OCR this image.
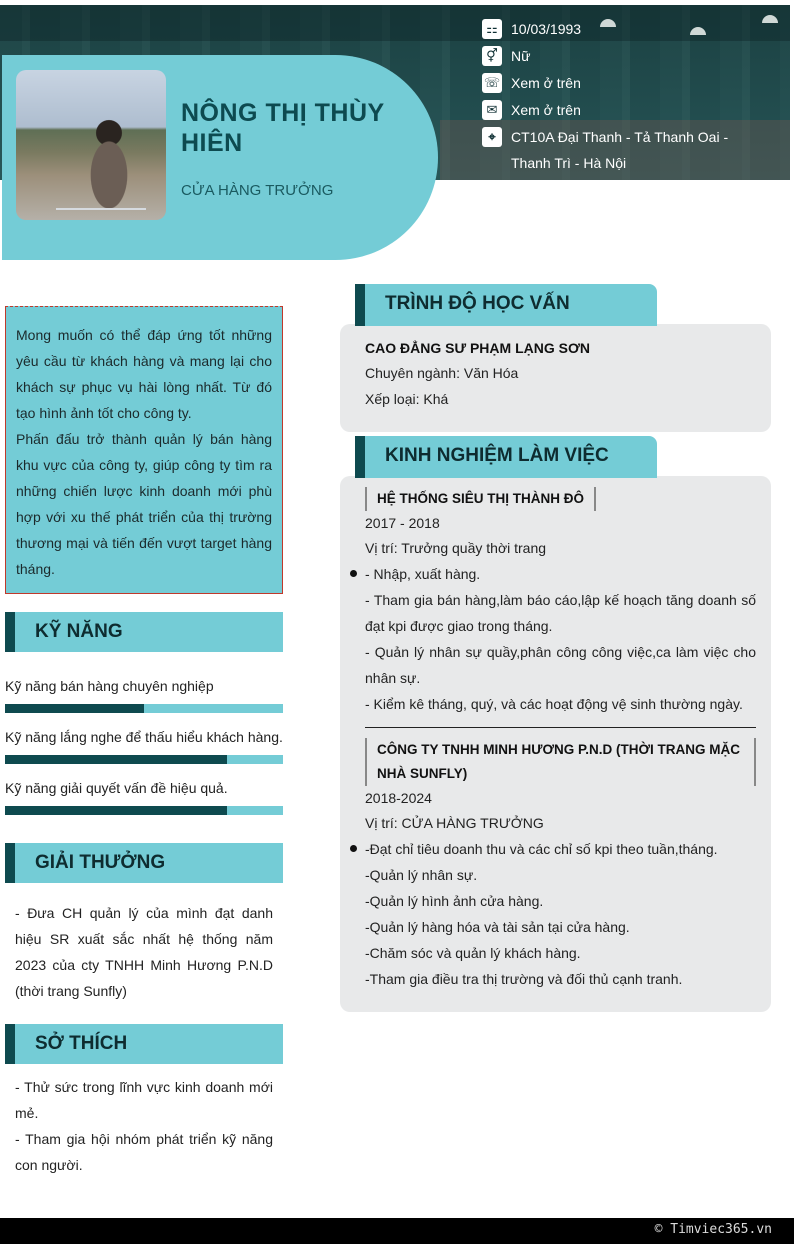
NÔNG THỊ THÙY HIÊN
CỬA HÀNG TRƯỞNG
⚏ 10/03/1993
⚥ Nữ
☏ Xem ở trên
✉ Xem ở trên
⌖	CT10A Đại Thanh - Tả Thanh Oai - Thanh Trì - Hà Nội

Mong muốn có thể đáp ứng tốt những yêu cầu từ khách hàng và mang lại cho khách sự phục vụ hài lòng nhất. Từ đó tạo hình ảnh tốt cho công ty.

Phấn đấu trở thành quản lý bán hàng khu vực của công ty, giúp công ty tìm ra những chiến lược kinh doanh mới phù hợp với xu thế phát triển của thị trường thương mại và tiến đến vượt target hàng tháng.

KỸ NĂNG
Kỹ năng bán hàng chuyên nghiệp
Kỹ năng lắng nghe để thấu hiểu khách hàng.
Kỹ năng giải quyết vấn đề hiệu quả.
GIẢI THƯỞNG
- Đưa CH quản lý của mình đạt danh hiệu SR xuất sắc nhất hệ thống năm 2023 của cty TNHH Minh Hương P.N.D (thời trang Sunfly)
SỞ THÍCH
- Thử sức trong lĩnh vực kinh doanh mới mẻ.
- Tham gia hội nhóm phát triển kỹ năng con người.
TRÌNH ĐỘ HỌC VẤN
CAO ĐẲNG SƯ PHẠM LẠNG SƠN
Chuyên ngành: Văn Hóa
Xếp loại: Khá
KINH NGHIỆM LÀM VIỆC
HỆ THỐNG SIÊU THỊ THÀNH ĐÔ
2017 - 2018
Vị trí: Trưởng quầy thời trang
- Nhập, xuất hàng.
- Tham gia bán hàng,làm báo cáo,lập kế hoạch tăng doanh số đạt kpi được giao trong tháng.
- Quản lý nhân sự quầy,phân công công việc,ca làm việc cho nhân sự.
- Kiểm kê tháng, quý, và các hoạt động vệ sinh thường ngày.
CÔNG TY TNHH MINH HƯƠNG P.N.D (THỜI TRANG MẶC NHÀ SUNFLY)
2018-2024
Vị trí: CỬA HÀNG TRƯỞNG
-Đạt chỉ tiêu doanh thu và các chỉ số kpi theo tuần,tháng.
-Quản lý nhân sự.
-Quản lý hình ảnh cửa hàng.
-Quản lý hàng hóa và tài sản tại cửa hàng.
-Chăm sóc và quản lý khách hàng.
-Tham gia điều tra thị trường và đối thủ cạnh tranh.
© Timviec365.vn
